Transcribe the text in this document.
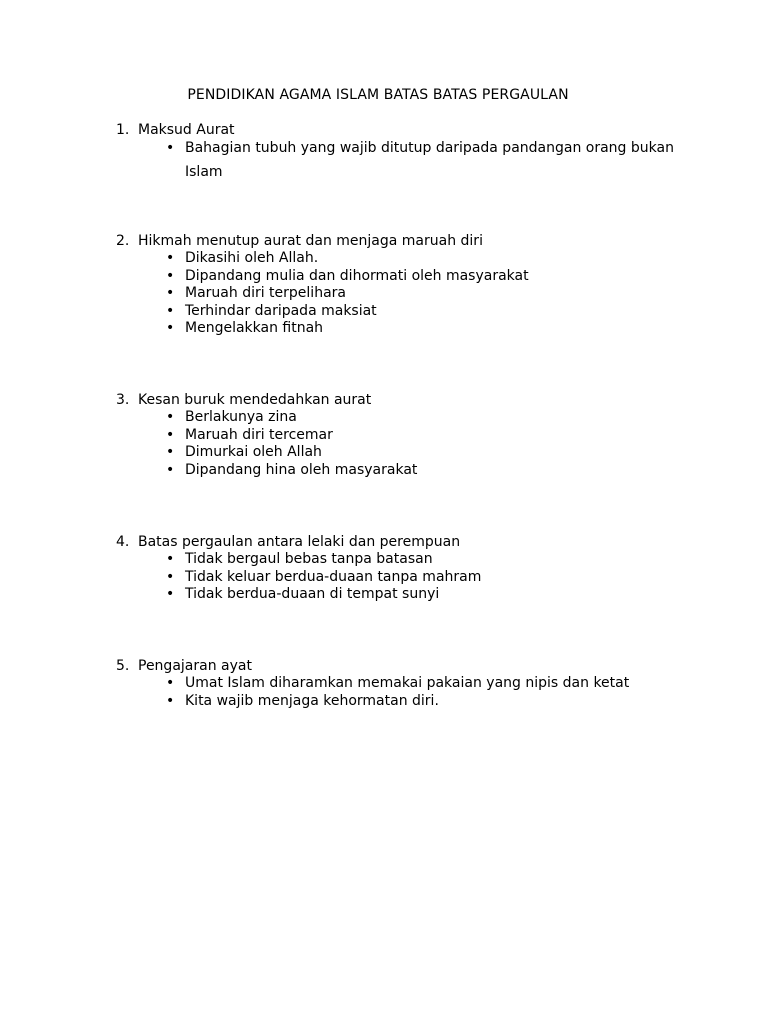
PENDIDIKAN AGAMA ISLAM BATAS BATAS PERGAULAN
1. Maksud Aurat
• Bahagian tubuh yang wajib ditutup daripada pandangan orang bukan Islam
2. Hikmah menutup aurat dan menjaga maruah diri
• Dikasihi oleh Allah.
• Dipandang mulia dan dihormati oleh masyarakat
• Maruah diri terpelihara
• Terhindar daripada maksiat
• Mengelakkan fitnah
3. Kesan buruk mendedahkan aurat
• Berlakunya zina
• Maruah diri tercemar
• Dimurkai oleh Allah
• Dipandang hina oleh masyarakat
4. Batas pergaulan antara lelaki dan perempuan
• Tidak bergaul bebas tanpa batasan
• Tidak keluar berdua-duaan tanpa mahram
• Tidak berdua-duaan di tempat sunyi
5. Pengajaran ayat
• Umat Islam diharamkan memakai pakaian yang nipis dan ketat
• Kita wajib menjaga kehormatan diri.
